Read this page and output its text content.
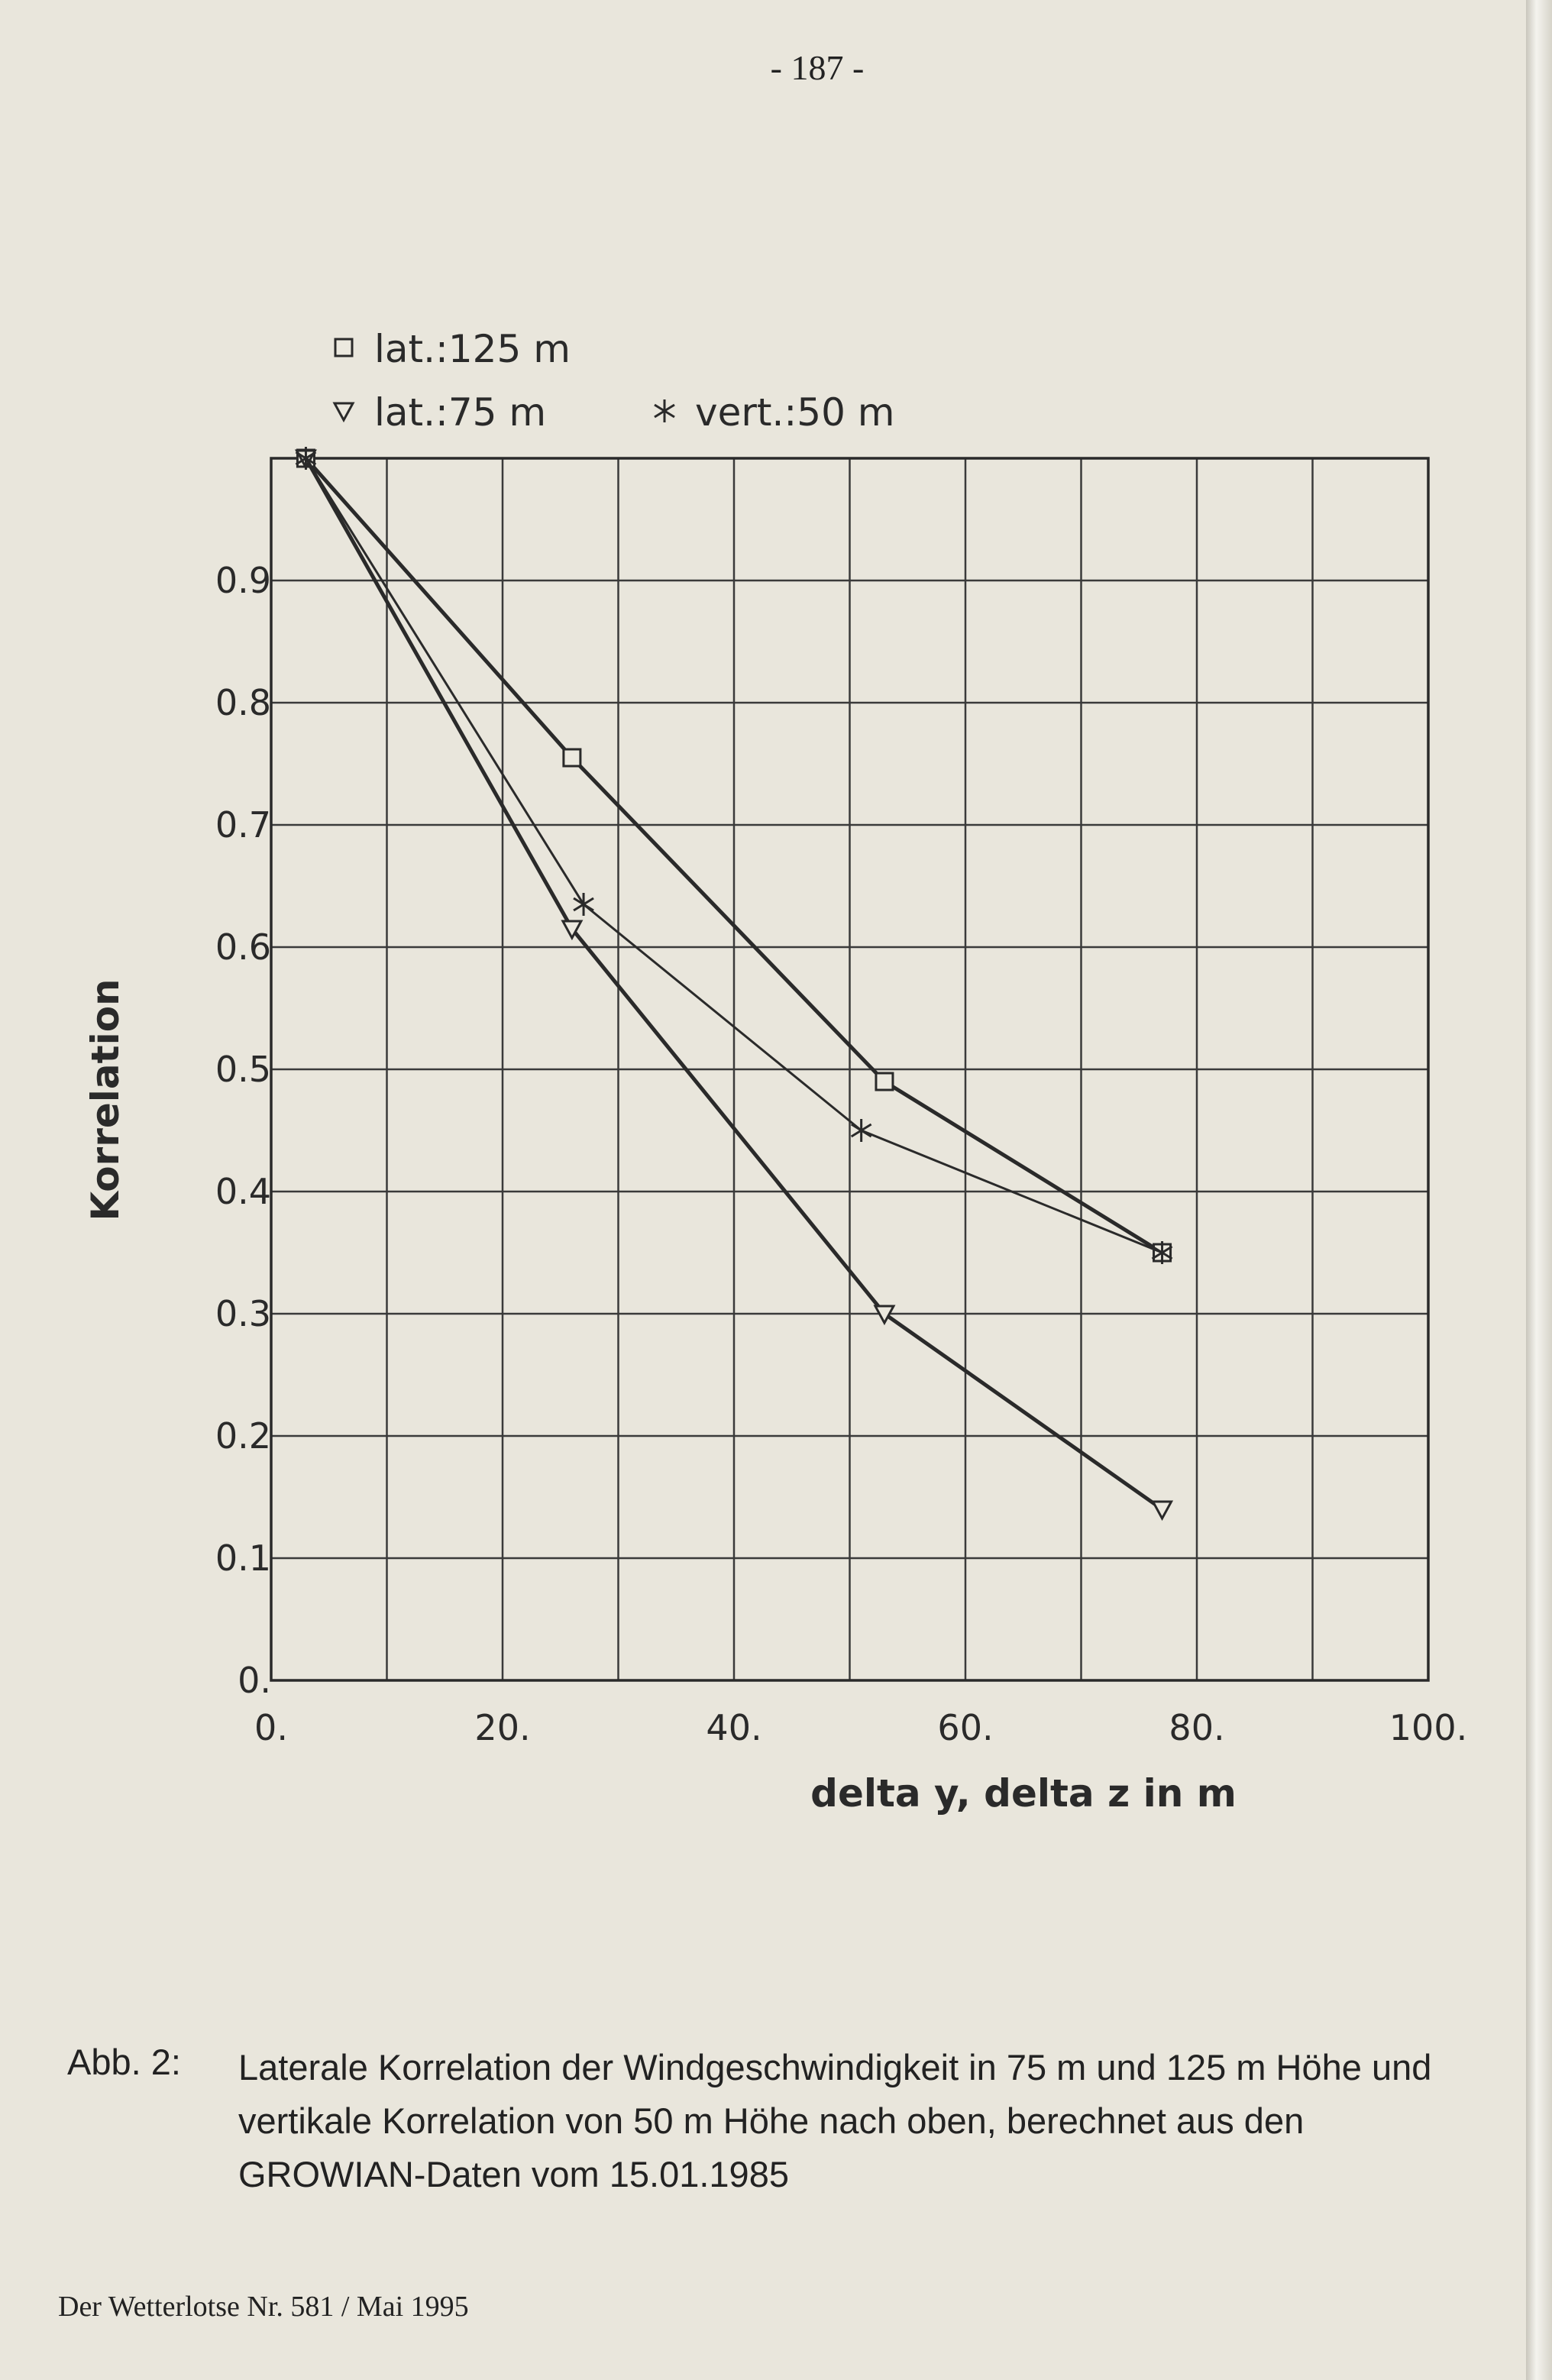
- 187 -
0.	20.	40.	60.	80.	100.
0.
0.1
0.2
0.3
0.4
0.5
0.6
0.7
0.8
0.9
delta y, delta z in m
Korrelation
lat.:125 m
lat.:75 m	vert.:50 m
Abb. 2: Laterale Korrelation der Windgeschwindigkeit in 75 m und 125 m Höhe und vertikale Korrelation von 50 m Höhe nach oben, berechnet aus den GROWIAN-Daten vom 15.01.1985
Der Wetterlotse Nr. 581 / Mai 1995
